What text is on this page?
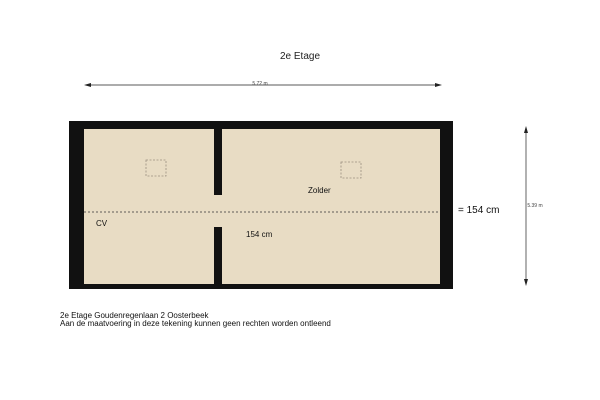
2e Etage
5.72 m
5.39 m
= 154 cm
Zolder
CV
154 cm
2e Etage Goudenregenlaan 2 Oosterbeek
Aan de maatvoering in deze tekening kunnen geen rechten worden ontleend
